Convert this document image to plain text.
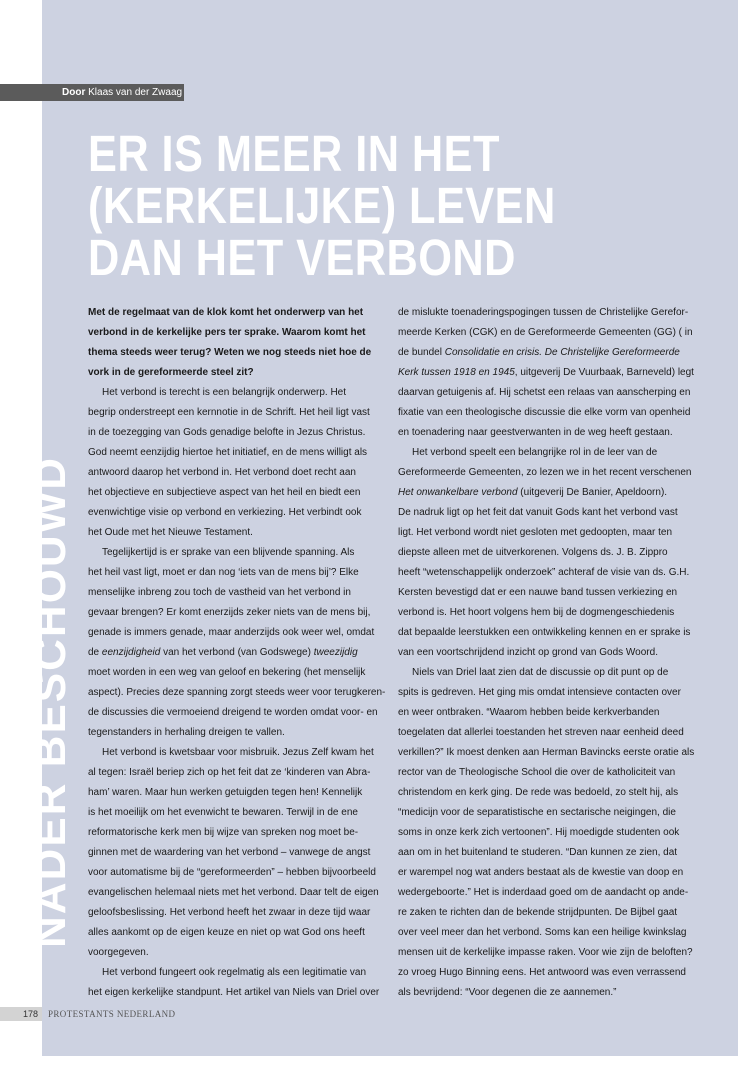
Door Klaas van der Zwaag
ER IS MEER IN HET
(KERKELIJKE) LEVEN
DAN HET VERBOND
NADER BESCHOUWD
Met de regelmaat van de klok komt het onderwerp van het
verbond in de kerkelijke pers ter sprake. Waarom komt het
thema steeds weer terug? Weten we nog steeds niet hoe de
vork in de gereformeerde steel zit?
Het verbond is terecht is een belangrijk onderwerp. Het
begrip onderstreept een kernnotie in de Schrift. Het heil ligt vast
in de toezegging van Gods genadige belofte in Jezus Christus.
God neemt eenzijdig hiertoe het initiatief, en de mens willigt als
antwoord daarop het verbond in. Het verbond doet recht aan
het objectieve en subjectieve aspect van het heil en biedt een
evenwichtige visie op verbond en verkiezing. Het verbindt ook
het Oude met het Nieuwe Testament.
Tegelijkertijd is er sprake van een blijvende spanning. Als
het heil vast ligt, moet er dan nog ‘iets van de mens bij’? Elke
menselijke inbreng zou toch de vastheid van het verbond in
gevaar brengen? Er komt enerzijds zeker niets van de mens bij,
genade is immers genade, maar anderzijds ook weer wel, omdat
de eenzijdigheid van het verbond (van Godswege) tweezijdig
moet worden in een weg van geloof en bekering (het menselijk
aspect). Precies deze spanning zorgt steeds weer voor terugkeren-
de discussies die vermoeiend dreigend te worden omdat voor- en
tegenstanders in herhaling dreigen te vallen.
Het verbond is kwetsbaar voor misbruik. Jezus Zelf kwam het
al tegen: Israël beriep zich op het feit dat ze ‘kinderen van Abra-
ham’ waren. Maar hun werken getuigden tegen hen! Kennelijk
is het moeilijk om het evenwicht te bewaren. Terwijl in de ene
reformatorische kerk men bij wijze van spreken nog moet be-
ginnen met de waardering van het verbond – vanwege de angst
voor automatisme bij de “gereformeerden” – hebben bijvoorbeeld
evangelischen helemaal niets met het verbond. Daar telt de eigen
geloofsbeslissing. Het verbond heeft het zwaar in deze tijd waar
alles aankomt op de eigen keuze en niet op wat God ons heeft
voorgegeven.
Het verbond fungeert ook regelmatig als een legitimatie van
het eigen kerkelijke standpunt. Het artikel van Niels van Driel over
de mislukte toenaderingspogingen tussen de Christelijke Gerefor-
meerde Kerken (CGK) en de Gereformeerde Gemeenten (GG) ( in
de bundel Consolidatie en crisis. De Christelijke Gereformeerde
Kerk tussen 1918 en 1945, uitgeverij De Vuurbaak, Barneveld) legt
daarvan getuigenis af. Hij schetst een relaas van aanscherping en
fixatie van een theologische discussie die elke vorm van openheid
en toenadering naar geestverwanten in de weg heeft gestaan.
Het verbond speelt een belangrijke rol in de leer van de
Gereformeerde Gemeenten, zo lezen we in het recent verschenen
Het onwankelbare verbond (uitgeverij De Banier, Apeldoorn).
De nadruk ligt op het feit dat vanuit Gods kant het verbond vast
ligt. Het verbond wordt niet gesloten met gedoopten, maar ten
diepste alleen met de uitverkorenen. Volgens ds. J. B. Zippro
heeft “wetenschappelijk onderzoek” achteraf de visie van ds. G.H.
Kersten bevestigd dat er een nauwe band tussen verkiezing en
verbond is. Het hoort volgens hem bij de dogmengeschiedenis
dat bepaalde leerstukken een ontwikkeling kennen en er sprake is
van een voortschrijdend inzicht op grond van Gods Woord.
Niels van Driel laat zien dat de discussie op dit punt op de
spits is gedreven. Het ging mis omdat intensieve contacten over
en weer ontbraken. “Waarom hebben beide kerkverbanden
toegelaten dat allerlei toestanden het streven naar eenheid deed
verkillen?” Ik moest denken aan Herman Bavincks eerste oratie als
rector van de Theologische School die over de katholiciteit van
christendom en kerk ging. De rede was bedoeld, zo stelt hij, als
“medicijn voor de separatistische en sectarische neigingen, die
soms in onze kerk zich vertoonen”. Hij moedigde studenten ook
aan om in het buitenland te studeren. “Dan kunnen ze zien, dat
er warempel nog wat anders bestaat als de kwestie van doop en
wedergeboorte.” Het is inderdaad goed om de aandacht op ande-
re zaken te richten dan de bekende strijdpunten. De Bijbel gaat
over veel meer dan het verbond. Soms kan een heilige kwinkslag
mensen uit de kerkelijke impasse raken. Voor wie zijn de beloften?
zo vroeg Hugo Binning eens. Het antwoord was even verrassend
als bevrijdend: “Voor degenen die ze aannemen.”
178	PROTESTANTS NEDERLAND
